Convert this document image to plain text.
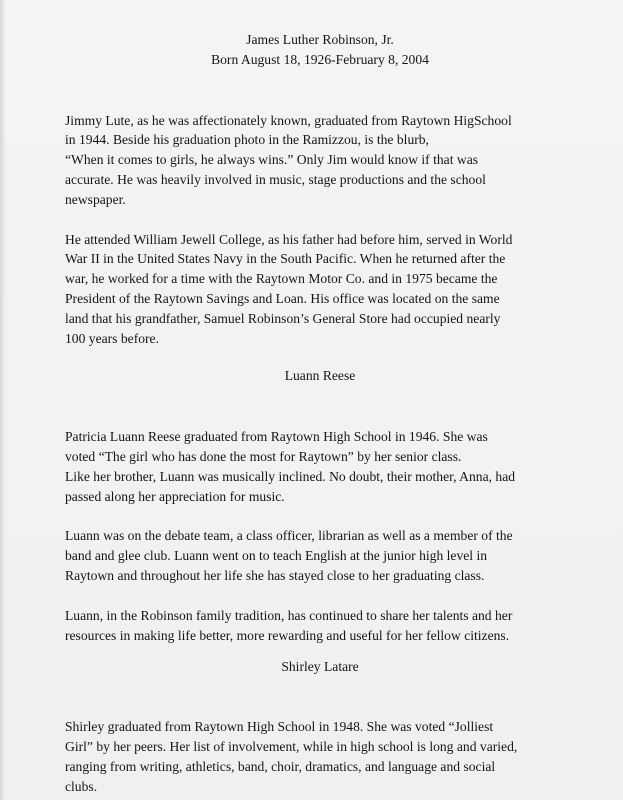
James Luther Robinson, Jr.

Born August 18, 1926-February 8, 2004

Jimmy Lute, as he was affectionately known, graduated from Raytown HigSchool
in 1944. Beside his graduation photo in the Ramizzou, is the blurb,
“When it comes to girls, he always wins.” Only Jim would know if that was
accurate. He was heavily involved in music, stage productions and the school
newspaper.

He attended William Jewell College, as his father had before him, served in World
War II in the United States Navy in the South Pacific. When he returned after the
war, he worked for a time with the Raytown Motor Co. and in 1975 became the
President of the Raytown Savings and Loan. His office was located on the same
land that his grandfather, Samuel Robinson’s General Store had occupied nearly
100 years before.

Luann Reese

Patricia Luann Reese graduated from Raytown High School in 1946. She was
voted “The girl who has done the most for Raytown” by her senior class.
Like her brother, Luann was musically inclined. No doubt, their mother, Anna, had
passed along her appreciation for music.

Luann was on the debate team, a class officer, librarian as well as a member of the
band and glee club. Luann went on to teach English at the junior high level in
Raytown and throughout her life she has stayed close to her graduating class.

Luann, in the Robinson family tradition, has continued to share her talents and her
resources in making life better, more rewarding and useful for her fellow citizens.

Shirley Latare

Shirley graduated from Raytown High School in 1948. She was voted “Jolliest
Girl” by her peers. Her list of involvement, while in high school is long and varied,
ranging from writing, athletics, band, choir, dramatics, and language and social
clubs.
